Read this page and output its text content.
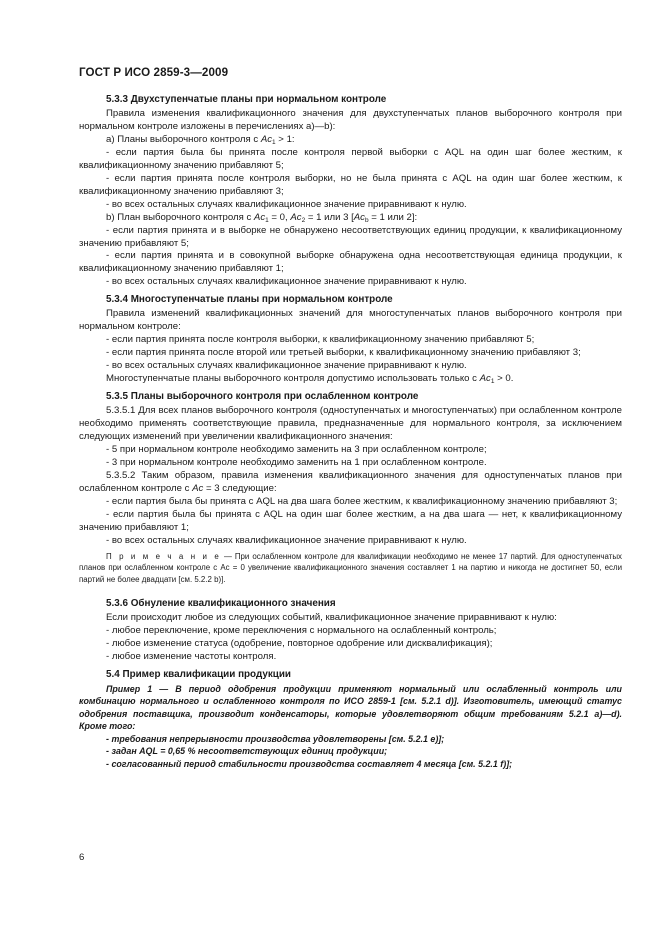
ГОСТ Р ИСО 2859-3—2009
5.3.3 Двухступенчатые планы при нормальном контроле

Правила изменения квалификационного значения для двухступенчатых планов выборочного контроля при нормальном контроле изложены в перечислениях а)—b):

а) Планы выборочного контроля с $Ac_1 > 1$:

- если партия была бы принята после контроля первой выборки с AQL на один шаг более жестким, к квалификационному значению прибавляют 5;

- если партия принята после контроля выборки, но не была принята с AQL на один шаг более жестким, к квалификационному значению прибавляют 3;

- во всех остальных случаях квалификационное значение приравнивают к нулю.

b) План выборочного контроля с $Ac_1 = 0$, $Ac_2 = 1$ или 3 [$Ac_b = 1$ или 2]:

- если партия принята и в выборке не обнаружено несоответствующих единиц продукции, к квалификационному значению прибавляют 5;

- если партия принята и в совокупной выборке обнаружена одна несоответствующая единица продукции, к квалификационному значению прибавляют 1;

- во всех остальных случаях квалификационное значение приравнивают к нулю.

5.3.4 Многоступенчатые планы при нормальном контроле

Правила изменений квалификационных значений для многоступенчатых планов выборочного контроля при нормальном контроле:

- если партия принята после контроля выборки, к квалификационному значению прибавляют 5;

- если партия принята после второй или третьей выборки, к квалификационному значению прибавляют 3;

- во всех остальных случаях квалификационное значение приравнивают к нулю.

Многоступенчатые планы выборочного контроля допустимо использовать только с $Ac_1 > 0$.

5.3.5 Планы выборочного контроля при ослабленном контроле

5.3.5.1 Для всех планов выборочного контроля (одноступенчатых и многоступенчатых) при ослабленном контроле необходимо применять соответствующие правила, предназначенные для нормального контроля, за исключением следующих изменений при увеличении квалификационного значения:

- 5 при нормальном контроле необходимо заменить на 3 при ослабленном контроле;

- 3 при нормальном контроле необходимо заменить на 1 при ослабленном контроле.

5.3.5.2 Таким образом, правила изменения квалификационного значения для одноступенчатых планов при ослабленном контроле с Ac = 3 следующие:

- если партия была бы принята с AQL на два шага более жестким, к квалификационному значению прибавляют 3;

- если партия была бы принята с AQL на один шаг более жестким, а на два шага — нет, к квалификационному значению прибавляют 1;

- во всех остальных случаях квалификационное значение приравнивают к нулю.

П р и м е ч а н и е — При ослабленном контроле для квалификации необходимо не менее 17 партий. Для одноступенчатых планов при ослабленном контроле с Ac = 0 увеличение квалификационного значения составляет 1 на партию и никогда не достигнет 50, если партий не более двадцати [см. 5.2.2 b)].

5.3.6 Обнуление квалификационного значения

Если происходит любое из следующих событий, квалификационное значение приравнивают к нулю:

- любое переключение, кроме переключения с нормального на ослабленный контроль;

- любое изменение статуса (одобрение, повторное одобрение или дисквалификация);

- любое изменение частоты контроля.

5.4 Пример квалификации продукции

Пример 1 — В период одобрения продукции применяют нормальный или ослабленный контроль или комбинацию нормального и ослабленного контроля по ИСО 2859-1 [см. 5.2.1 d)]. Изготовитель, имеющий статус одобрения поставщика, производит конденсаторы, которые удовлетворяют общим требованиям 5.2.1 a)—d). Кроме того:

- требования непрерывности производства удовлетворены [см. 5.2.1 е)];

- задан AQL = 0,65 % несоответствующих единиц продукции;

- согласованный период стабильности производства составляет 4 месяца [см. 5.2.1 f)];

6
